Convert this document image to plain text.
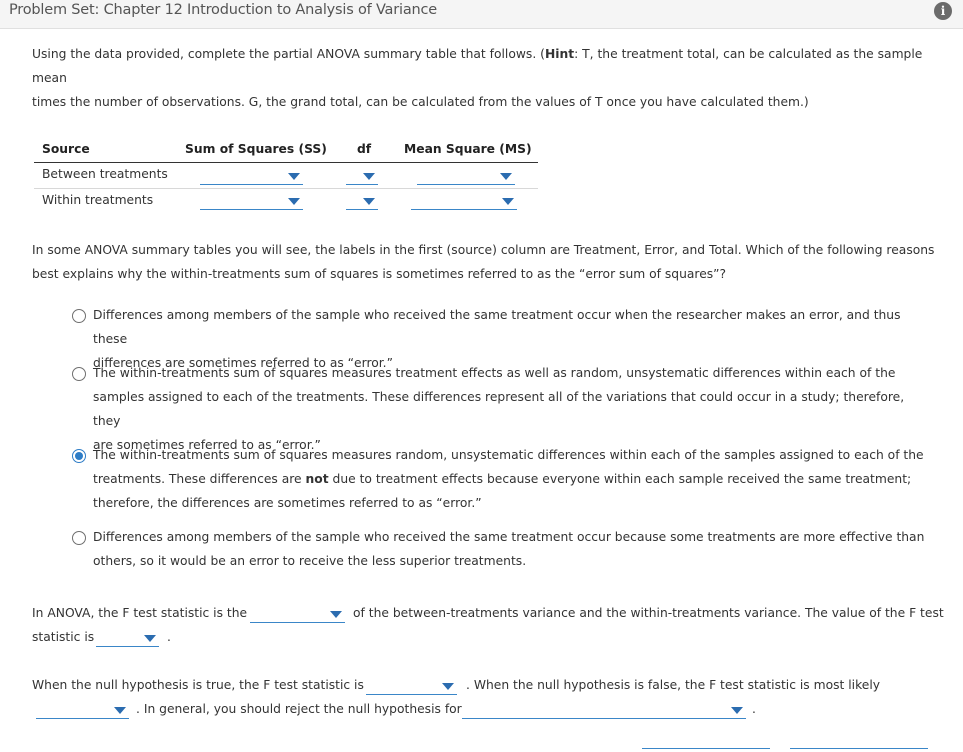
Problem Set: Chapter 12 Introduction to Analysis of Variance	i
Using the data provided, complete the partial ANOVA summary table that follows. (Hint: T, the treatment total, can be calculated as the sample mean
times the number of observations. G, the grand total, can be calculated from the values of T once you have calculated them.)
Source	Sum of Squares (SS) df	Mean Square (MS)
Between treatments
Within treatments
In some ANOVA summary tables you will see, the labels in the first (source) column are Treatment, Error, and Total. Which of the following reasons
best explains why the within-treatments sum of squares is sometimes referred to as the “error sum of squares”?
Differences among members of the sample who received the same treatment occur when the researcher makes an error, and thus these
differences are sometimes referred to as “error.”
The within-treatments sum of squares measures treatment effects as well as random, unsystematic differences within each of the
samples assigned to each of the treatments. These differences represent all of the variations that could occur in a study; therefore, they
are sometimes referred to as “error.”
The within-treatments sum of squares measures random, unsystematic differences within each of the samples assigned to each of the
treatments. These differences are not due to treatment effects because everyone within each sample received the same treatment;
therefore, the differences are sometimes referred to as “error.”
Differences among members of the sample who received the same treatment occur because some treatments are more effective than
others, so it would be an error to receive the less superior treatments.
In ANOVA, the F test statistic is the	of the between-treatments variance and the within-treatments variance. The value of the F test
statistic is	.
When the null hypothesis is true, the F test statistic is	. When the null hypothesis is false, the F test statistic is most likely
. In general, you should reject the null hypothesis for	.
